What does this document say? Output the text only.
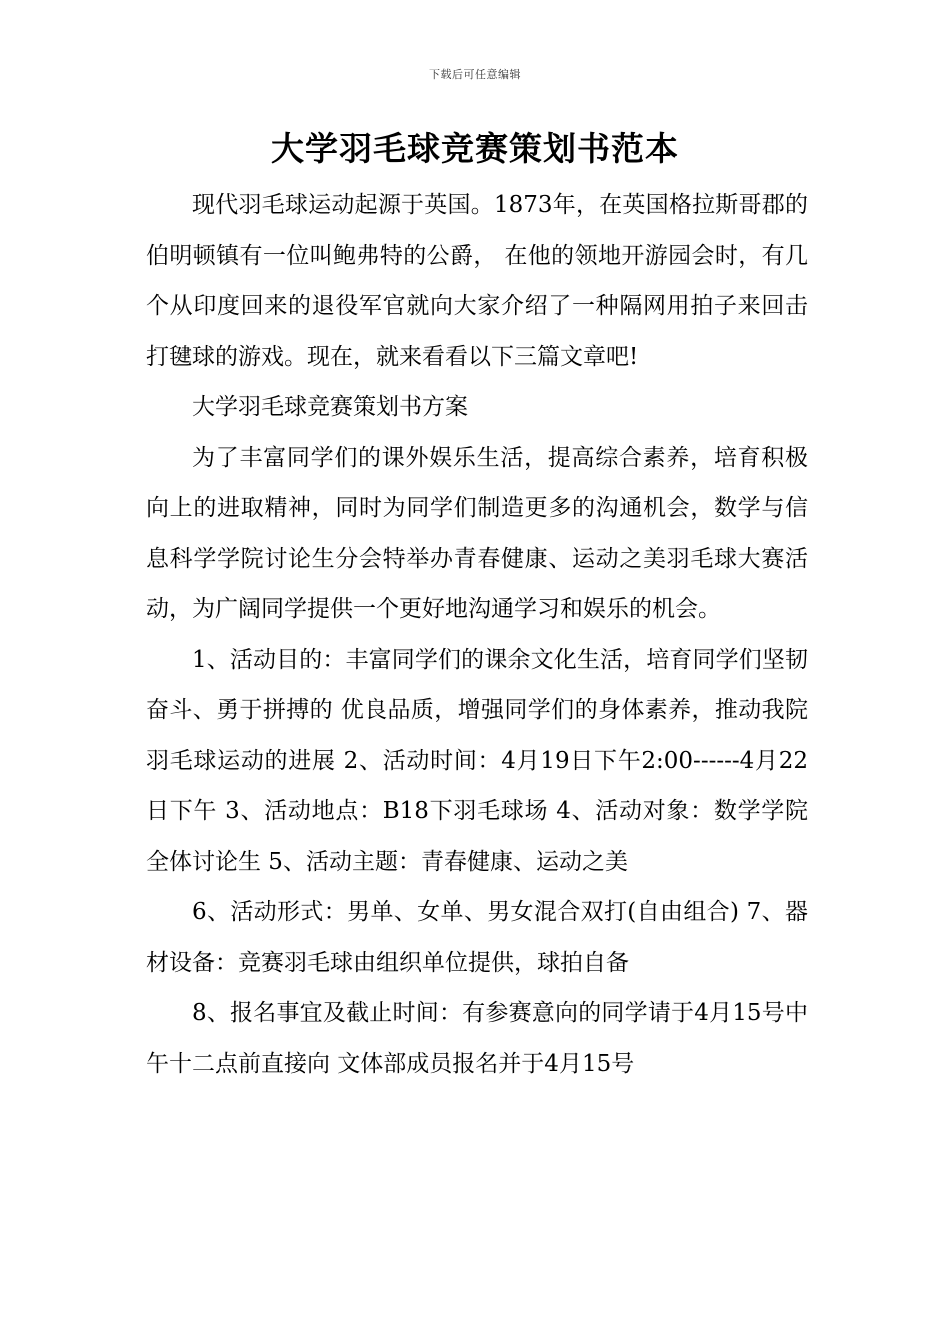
下载后可任意编辑
大学羽毛球竞赛策划书范本

现代羽毛球运动起源于英国。1873年，在英国格拉斯哥郡的伯明顿镇有一位叫鲍弗特的公爵， 在他的领地开游园会时，有几个从印度回来的退役军官就向大家介绍了一种隔网用拍子来回击打毽球的游戏。现在，就来看看以下三篇文章吧!

大学羽毛球竞赛策划书方案

为了丰富同学们的课外娱乐生活，提高综合素养，培育积极向上的进取精神，同时为同学们制造更多的沟通机会，数学与信息科学学院讨论生分会特举办青春健康、运动之美羽毛球大赛活动，为广阔同学提供一个更好地沟通学习和娱乐的机会。

1、活动目的：丰富同学们的课余文化生活，培育同学们坚韧奋斗、勇于拼搏的 优良品质，增强同学们的身体素养，推动我院羽毛球运动的进展 2、活动时间：4月19日下午2:00------4月22日下午 3、活动地点：B18下羽毛球场 4、活动对象：数学学院全体讨论生 5、活动主题：青春健康、运动之美

6、活动形式：男单、女单、男女混合双打(自由组合) 7、器材设备：竞赛羽毛球由组织单位提供，球拍自备

8、报名事宜及截止时间：有参赛意向的同学请于4月15号中午十二点前直接向 文体部成员报名并于4月15号
